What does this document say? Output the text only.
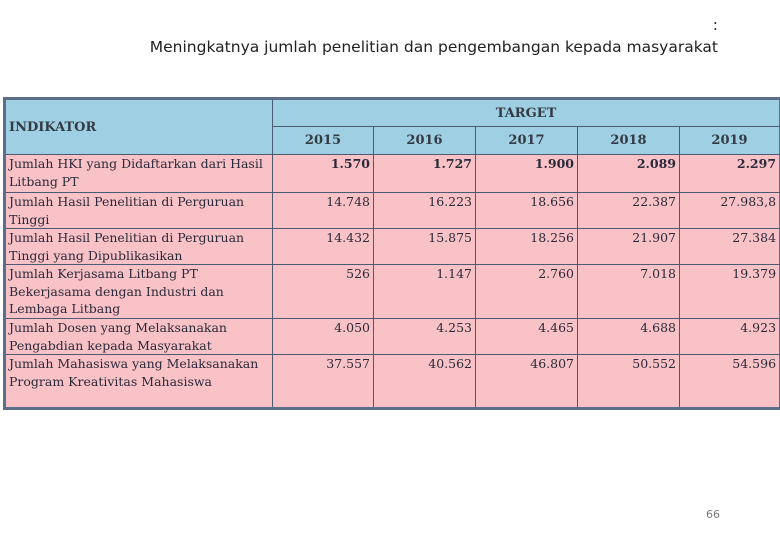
:
Meningkatnya jumlah penelitian dan pengembangan kepada masyarakat
INDIKATOR	TARGET				
	2015	2016	2017	2018	2019
Jumlah HKI yang Didaftarkan dari Hasil Litbang PT	1.570	1.727	1.900	2.089	2.297
Jumlah Hasil Penelitian di Perguruan Tinggi	14.748	16.223	18.656	22.387	27.983,8
Jumlah Hasil Penelitian di Perguruan Tinggi yang Dipublikasikan	14.432	15.875	18.256	21.907	27.384
Jumlah Kerjasama Litbang PT Bekerjasama dengan Industri dan Lembaga Litbang	526	1.147	2.760	7.018	19.379
Jumlah Dosen yang Melaksanakan Pengabdian kepada Masyarakat	4.050	4.253	4.465	4.688	4.923
Jumlah Mahasiswa yang Melaksanakan Program Kreativitas Mahasiswa	37.557	40.562	46.807	50.552	54.596
66
